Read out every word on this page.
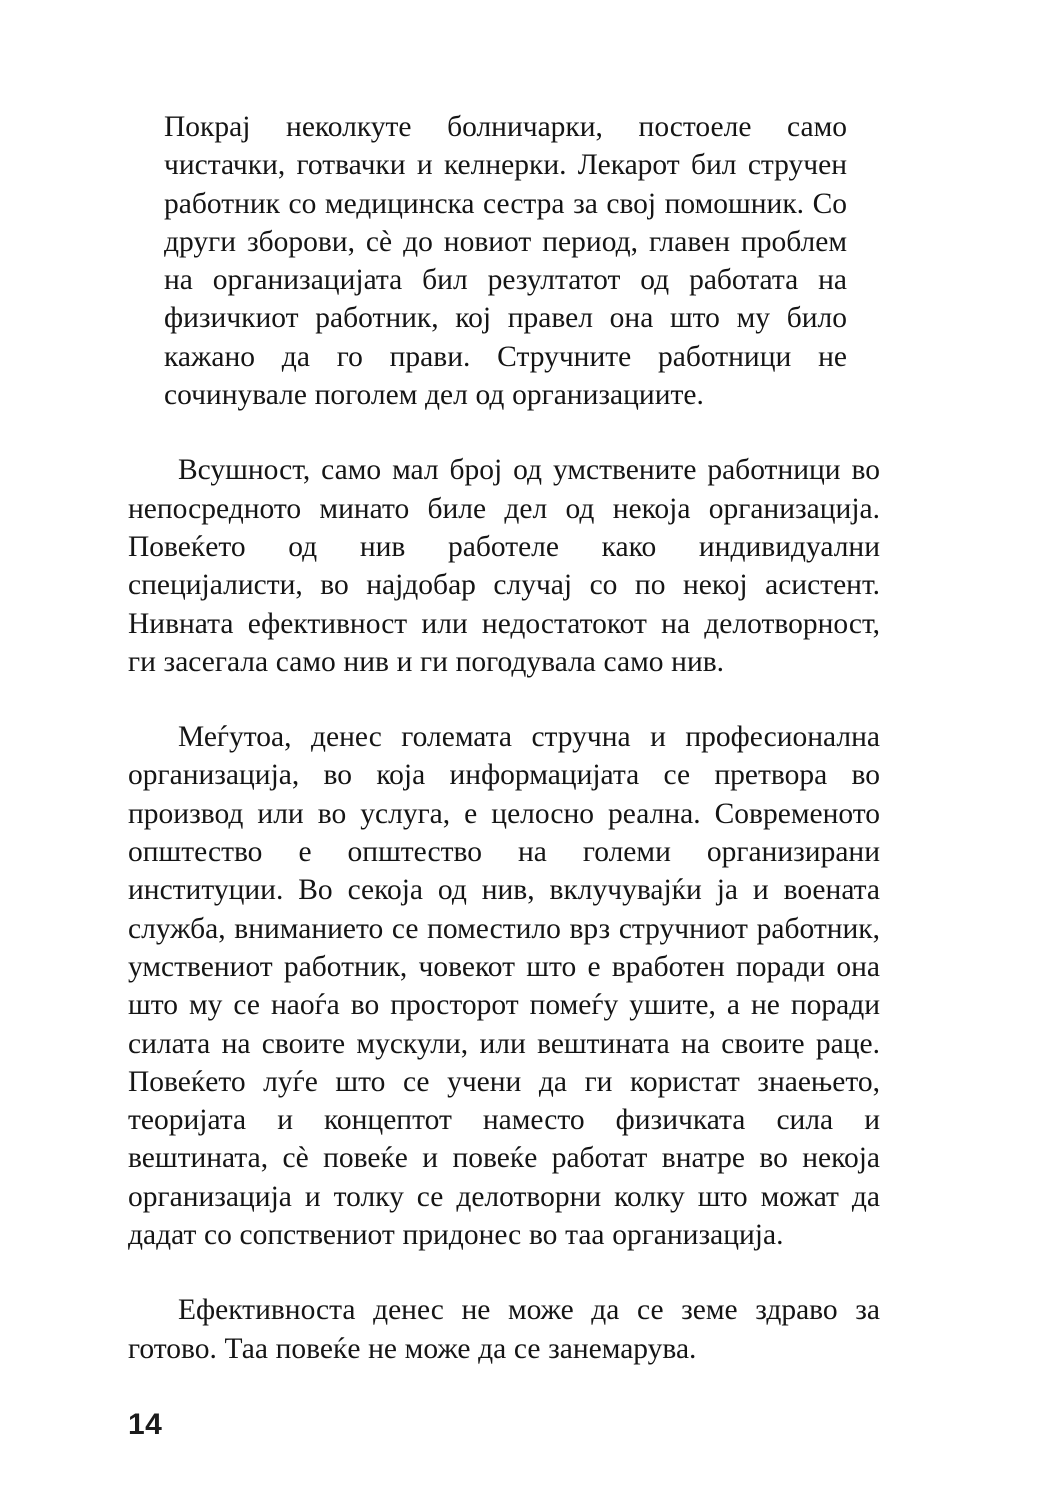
Покрај неколкуте болничарки, постоеле само чистачки, готвачки и келнерки. Лекарот бил стручен работник со медицинска сестра за свој помошник. Со други зборови, сѐ до новиот период, главен проблем на организацијата бил резултатот од работата на физичкиот работник, кој правел она што му било кажано да го прави. Стручните работници не сочинувале поголем дел од организациите.

Всушност, само мал број од умствените работници во непосредното минато биле дел од некоја организација. Повеќето од нив работеле како индивидуални специјалисти, во најдобар случај со по некој асистент. Нивната ефективност или недостатокот на делотворност, ги засегала само нив и ги погодувала само нив.

Меѓутоа, денес големата стручна и професионална организација, во која информацијата се претвора во производ или во услуга, е целосно реална. Современото општество е општество на големи организирани институции. Во секоја од нив, вклучувајќи ја и воената служба, вниманието се поместило врз стручниот работник, умствениот работник, човекот што е вработен поради она што му се наоѓа во просторот помеѓу ушите, а не поради силата на своите мускули, или вештината на своите раце. Повеќето луѓе што се учени да ги користат знаењето, теоријата и концептот наместо физичката сила и вештината, сѐ повеќе и повеќе работат внатре во некоја организација и толку се делотворни колку што можат да дадат со сопствениот придонес во таа организација.

Ефективноста денес не може да се земе здраво за готово. Таа повеќе не може да се занемарува.

14
